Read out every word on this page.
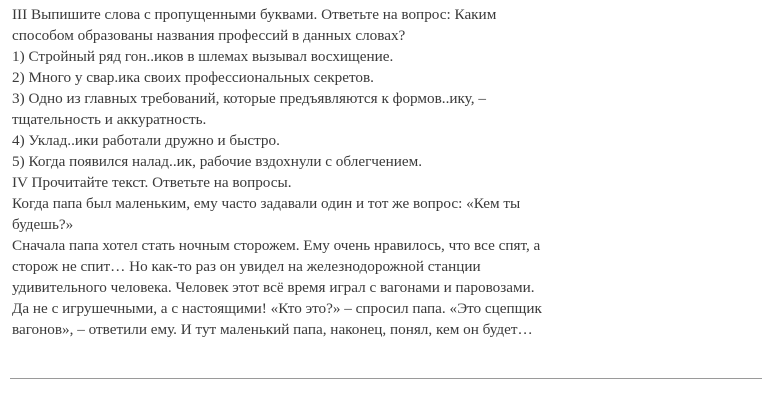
III Выпишите слова с пропущенными буквами. Ответьте на вопрос: Каким
способом образованы названия профессий в данных словах?
1) Стройный ряд гон..иков в шлемах вызывал восхищение.
2) Много у свар.ика своих профессиональных секретов.
3) Одно из главных требований, которые предъявляются к формов..ику, –
тщательность и аккуратность.
4) Уклад..ики работали дружно и быстро.
5) Когда появился налад..ик, рабочие вздохнули с облегчением.
IV Прочитайте текст. Ответьте на вопросы.
Когда папа был маленьким, ему часто задавали один и тот же вопрос: «Кем ты
будешь?»
Сначала папа хотел стать ночным сторожем. Ему очень нравилось, что все спят, а
сторож не спит… Но как-то раз он увидел на железнодорожной станции
удивительного человека. Человек этот всё время играл с вагонами и паровозами.
Да не с игрушечными, а с настоящими! «Кто это?» – спросил папа. «Это сцепщик
вагонов», – ответили ему. И тут маленький папа, наконец, понял, кем он будет…
